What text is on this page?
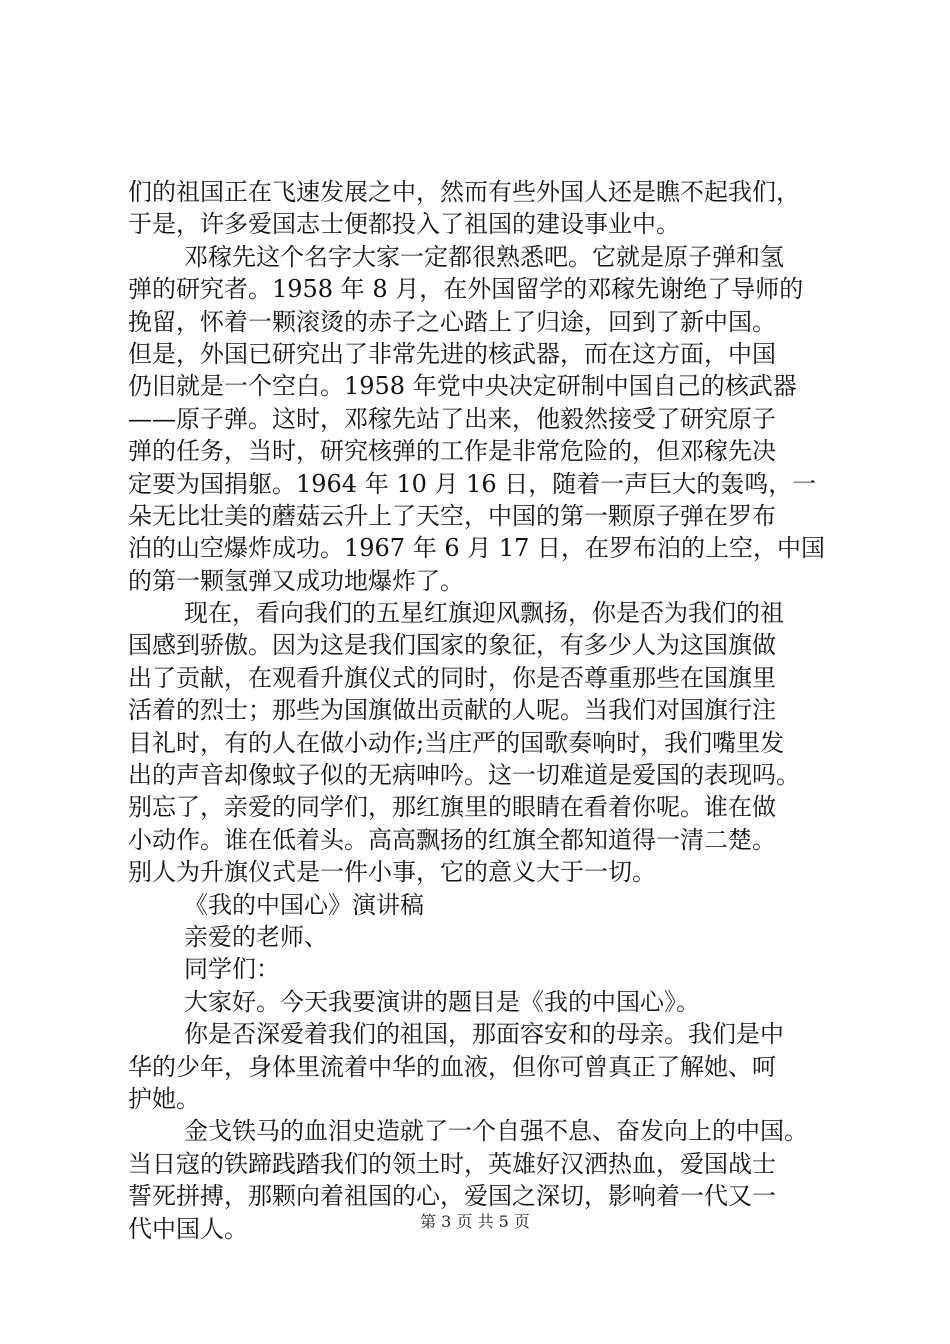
们的祖国正在飞速发展之中，然而有些外国人还是瞧不起我们，
于是，许多爱国志士便都投入了祖国的建设事业中。
邓稼先这个名字大家一定都很熟悉吧。它就是原子弹和氢
弹的研究者。1958 年 8 月，在外国留学的邓稼先谢绝了导师的
挽留，怀着一颗滚烫的赤子之心踏上了归途，回到了新中国。
但是，外国已研究出了非常先进的核武器，而在这方面，中国
仍旧就是一个空白。1958 年党中央决定研制中国自己的核武器
——原子弹。这时，邓稼先站了出来，他毅然接受了研究原子
弹的任务，当时，研究核弹的工作是非常危险的，但邓稼先决
定要为国捐躯。1964 年 10 月 16 日，随着一声巨大的轰鸣，一
朵无比壮美的蘑菇云升上了天空，中国的第一颗原子弹在罗布
泊的山空爆炸成功。1967 年 6 月 17 日，在罗布泊的上空，中国
的第一颗氢弹又成功地爆炸了。
现在，看向我们的五星红旗迎风飘扬，你是否为我们的祖
国感到骄傲。因为这是我们国家的象征，有多少人为这国旗做
出了贡献，在观看升旗仪式的同时，你是否尊重那些在国旗里
活着的烈士；那些为国旗做出贡献的人呢。当我们对国旗行注
目礼时，有的人在做小动作;当庄严的国歌奏响时，我们嘴里发
出的声音却像蚊子似的无病呻吟。这一切难道是爱国的表现吗。
别忘了，亲爱的同学们，那红旗里的眼睛在看着你呢。谁在做
小动作。谁在低着头。高高飘扬的红旗全都知道得一清二楚。
别人为升旗仪式是一件小事，它的意义大于一切。
《我的中国心》演讲稿
亲爱的老师、
同学们：
大家好。今天我要演讲的题目是《我的中国心》。
你是否深爱着我们的祖国，那面容安和的母亲。我们是中
华的少年，身体里流着中华的血液，但你可曾真正了解她、呵
护她。
金戈铁马的血泪史造就了一个自强不息、奋发向上的中国。
当日寇的铁蹄践踏我们的领土时，英雄好汉洒热血，爱国战士
誓死拼搏，那颗向着祖国的心，爱国之深切，影响着一代又一
代中国人。	第 3 页 共 5 页
